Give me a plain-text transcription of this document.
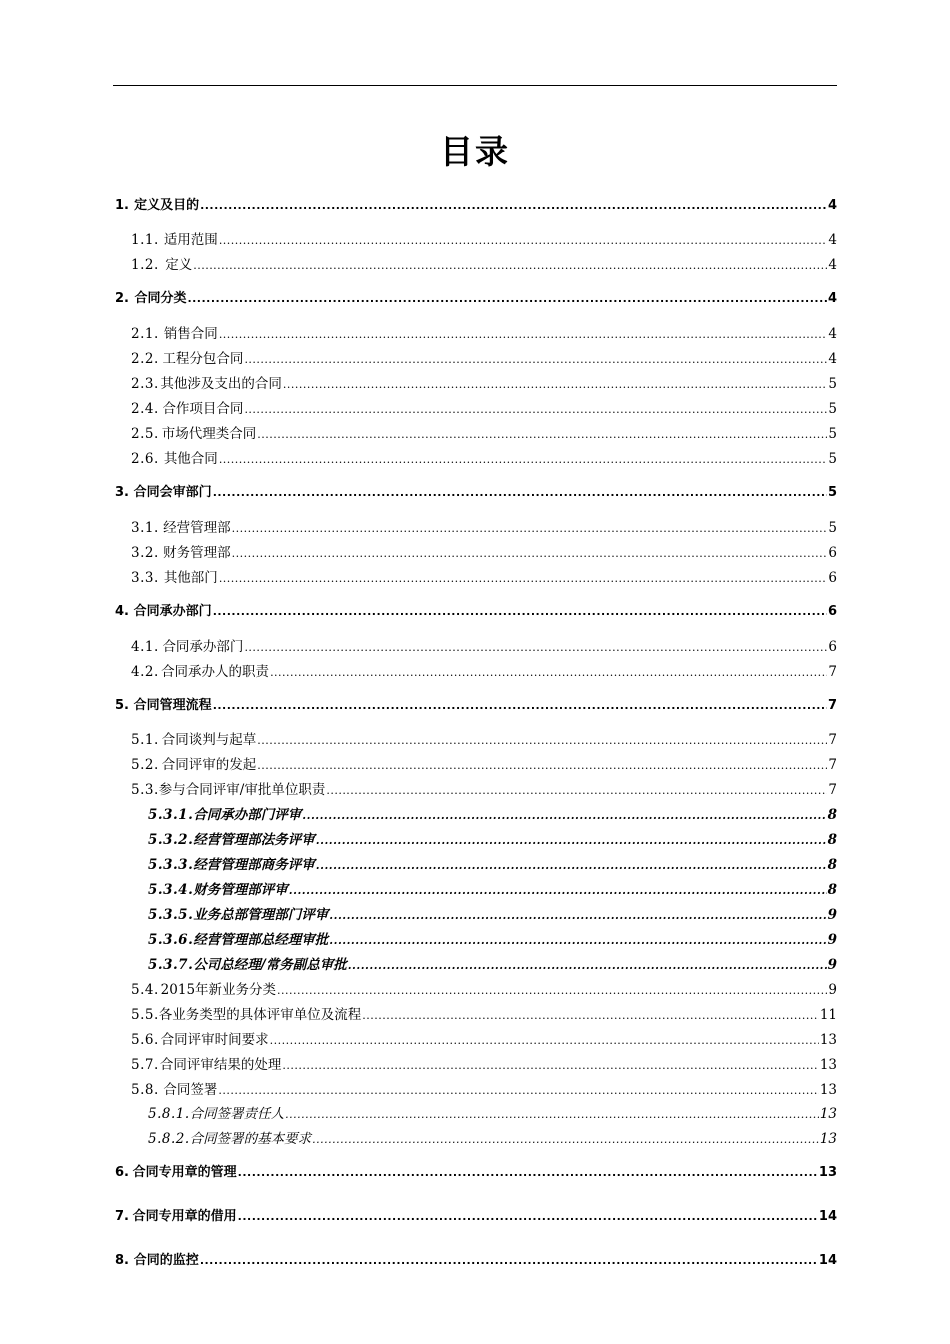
目录
1. 定义及目的 .....	4
1.1. 适用范围 .....	4
1.2. 定义 .....	4
2. 合同分类 .....	4
2.1. 销售合同 .....	4
2.2. 工程分包合同 .....	4
2.3. 其他涉及支出的合同 .....	5
2.4. 合作项目合同 .....	5
2.5. 市场代理类合同 .....	5
2.6. 其他合同 .....	5
3. 合同会审部门 .....	5
3.1. 经营管理部 .....	5
3.2. 财务管理部 .....	6
3.3. 其他部门 .....	6
4. 合同承办部门 .....	6
4.1. 合同承办部门 .....	6
4.2. 合同承办人的职责 .....	7
5. 合同管理流程 .....	7
5.1. 合同谈判与起草 .....	7
5.2. 合同评审的发起 .....	7
5.3. 参与合同评审/审批单位职责 .....	7
5.3.1. 合同承办部门评审 .....	8
5.3.2. 经营管理部法务评审 .....	8
5.3.3. 经营管理部商务评审 .....	8
5.3.4. 财务管理部评审 .....	8
5.3.5. 业务总部管理部门评审 .....	9
5.3.6. 经营管理部总经理审批 .....	9
5.3.7. 公司总经理/常务副总审批 .....	9
5.4. 2015年新业务分类 .....	9
5.5. 各业务类型的具体评审单位及流程 .....	11
5.6. 合同评审时间要求 .....	13
5.7. 合同评审结果的处理 .....	13
5.8. 合同签署 .....	13
5.8.1. 合同签署责任人 .....	13
5.8.2. 合同签署的基本要求 .....	13
6. 合同专用章的管理 .....	13
7. 合同专用章的借用 .....	14
8. 合同的监控 .....	14
